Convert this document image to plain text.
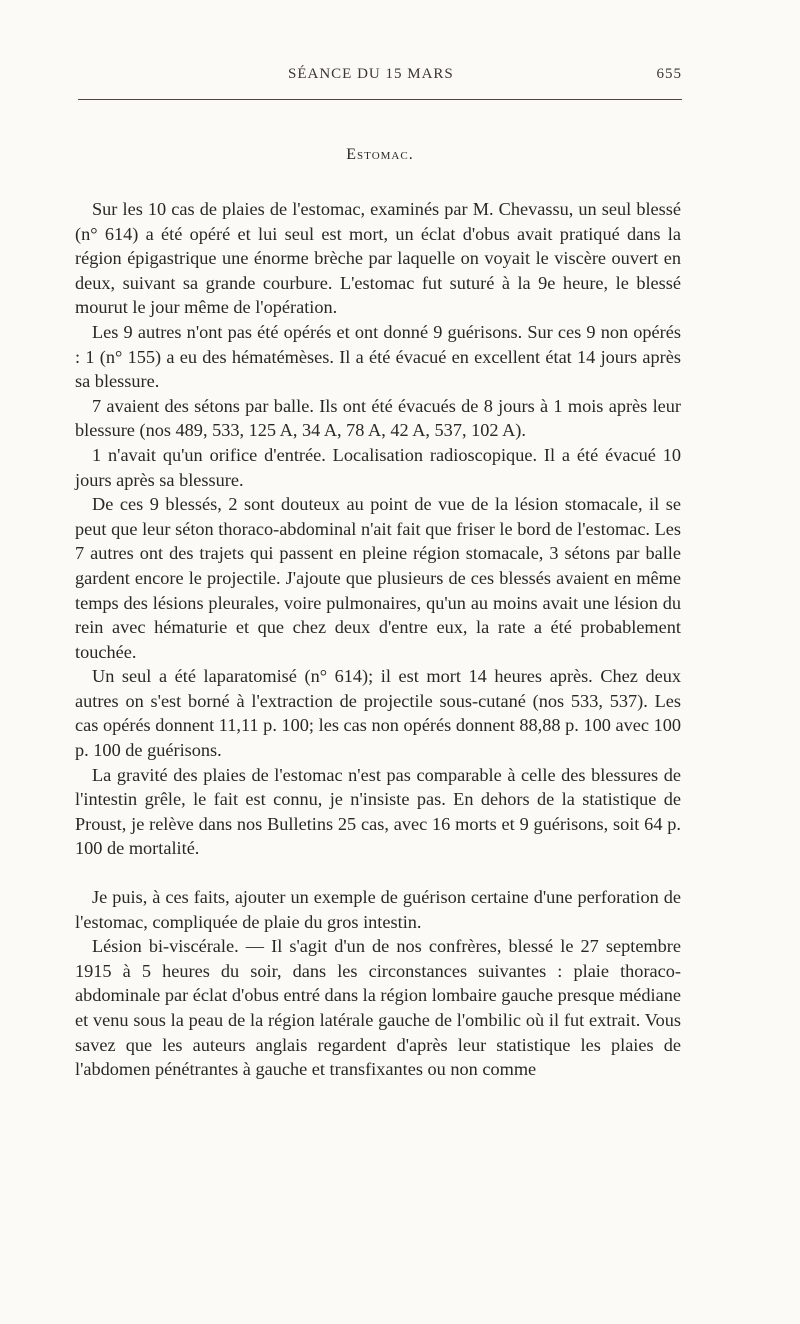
SÉANCE DU 15 MARS	655
Estomac.

Sur les 10 cas de plaies de l'estomac, examinés par M. Chevassu, un seul blessé (n° 614) a été opéré et lui seul est mort, un éclat d'obus avait pratiqué dans la région épigastrique une énorme brèche par laquelle on voyait le viscère ouvert en deux, suivant sa grande courbure. L'estomac fut suturé à la 9e heure, le blessé mourut le jour même de l'opération.

Les 9 autres n'ont pas été opérés et ont donné 9 guérisons. Sur ces 9 non opérés : 1 (n° 155) a eu des hématémèses. Il a été évacué en excellent état 14 jours après sa blessure.

7 avaient des sétons par balle. Ils ont été évacués de 8 jours à 1 mois après leur blessure (nos 489, 533, 125 A, 34 A, 78 A, 42 A, 537, 102 A).

1 n'avait qu'un orifice d'entrée. Localisation radioscopique. Il a été évacué 10 jours après sa blessure.

De ces 9 blessés, 2 sont douteux au point de vue de la lésion stomacale, il se peut que leur séton thoraco-abdominal n'ait fait que friser le bord de l'estomac. Les 7 autres ont des trajets qui passent en pleine région stomacale, 3 sétons par balle gardent encore le projectile. J'ajoute que plusieurs de ces blessés avaient en même temps des lésions pleurales, voire pulmonaires, qu'un au moins avait une lésion du rein avec hématurie et que chez deux d'entre eux, la rate a été probablement touchée.

Un seul a été laparatomisé (n° 614); il est mort 14 heures après. Chez deux autres on s'est borné à l'extraction de projectile sous-cutané (nos 533, 537). Les cas opérés donnent 11,11 p. 100; les cas non opérés donnent 88,88 p. 100 avec 100 p. 100 de guérisons.

La gravité des plaies de l'estomac n'est pas comparable à celle des blessures de l'intestin grêle, le fait est connu, je n'insiste pas. En dehors de la statistique de Proust, je relève dans nos Bulletins 25 cas, avec 16 morts et 9 guérisons, soit 64 p. 100 de mortalité.

Je puis, à ces faits, ajouter un exemple de guérison certaine d'une perforation de l'estomac, compliquée de plaie du gros intestin.

Lésion bi-viscérale. — Il s'agit d'un de nos confrères, blessé le 27 septembre 1915 à 5 heures du soir, dans les circonstances suivantes : plaie thoraco-abdominale par éclat d'obus entré dans la région lombaire gauche presque médiane et venu sous la peau de la région latérale gauche de l'ombilic où il fut extrait. Vous savez que les auteurs anglais regardent d'après leur statistique les plaies de l'abdomen pénétrantes à gauche et transfixantes ou non comme
